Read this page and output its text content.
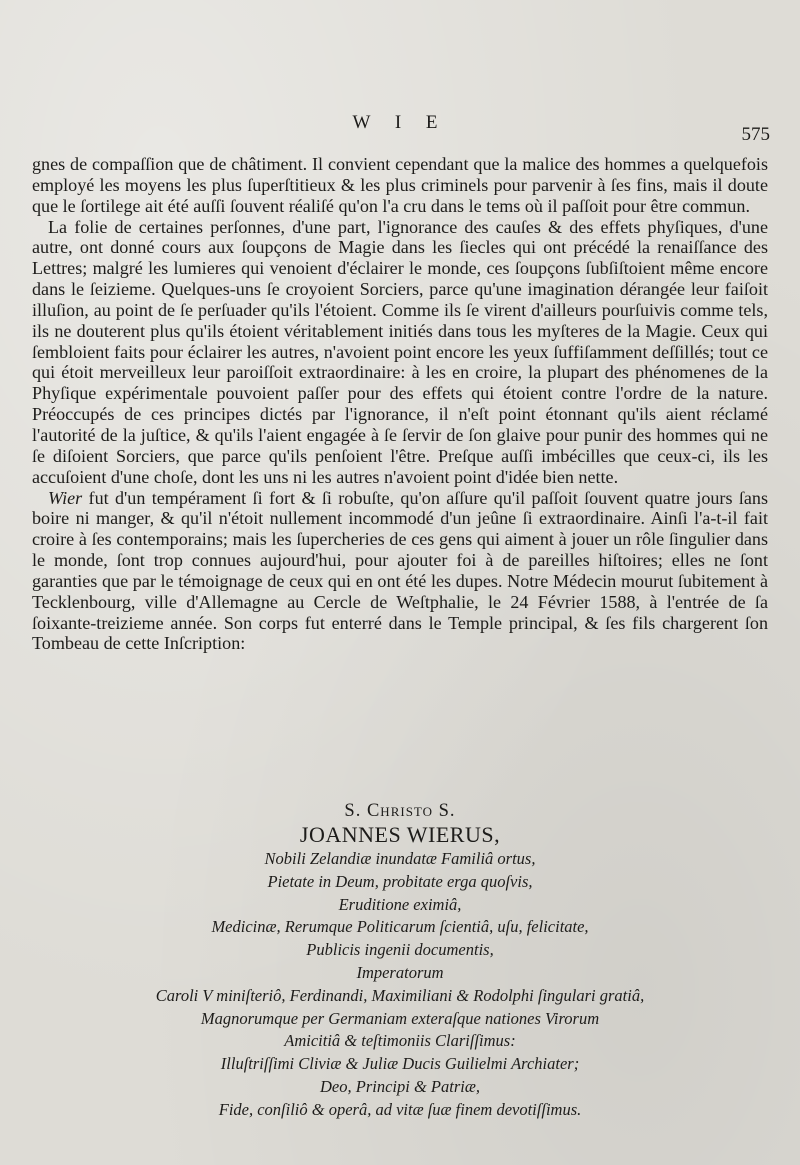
W I E
575

gnes de compaſſion que de châtiment. Il convient cependant que la malice des hommes a quelquefois employé les moyens les plus ſuperſtitieux & les plus criminels pour parvenir à ſes fins, mais il doute que le ſortilege ait été auſſi ſouvent réaliſé qu'on l'a cru dans le tems où il paſſoit pour être commun.

La folie de certaines perſonnes, d'une part, l'ignorance des cauſes & des effets phyſiques, d'une autre, ont donné cours aux ſoupçons de Magie dans les ſiecles qui ont précédé la renaiſſance des Lettres; malgré les lumieres qui venoient d'éclairer le monde, ces ſoupçons ſubſiſtoient même encore dans le ſeizieme. Quelques-uns ſe croyoient Sorciers, parce qu'une imagination dérangée leur faiſoit illuſion, au point de ſe perſuader qu'ils l'étoient. Comme ils ſe virent d'ailleurs pourſuivis comme tels, ils ne douterent plus qu'ils étoient véritablement initiés dans tous les myſteres de la Magie. Ceux qui ſembloient faits pour éclairer les autres, n'avoient point encore les yeux ſuffiſamment deſſillés; tout ce qui étoit merveilleux leur paroiſſoit extraordinaire: à les en croire, la plupart des phénomenes de la Phyſique expérimentale pouvoient paſſer pour des effets qui étoient contre l'ordre de la nature. Préoccupés de ces principes dictés par l'ignorance, il n'eſt point étonnant qu'ils aient réclamé l'autorité de la juſtice, & qu'ils l'aient engagée à ſe ſervir de ſon glaive pour punir des hommes qui ne ſe diſoient Sorciers, que parce qu'ils penſoient l'être. Preſque auſſi imbécilles que ceux-ci, ils les accuſoient d'une choſe, dont les uns ni les autres n'avoient point d'idée bien nette.

Wier fut d'un tempérament ſi fort & ſi robuſte, qu'on aſſure qu'il paſſoit ſouvent quatre jours ſans boire ni manger, & qu'il n'étoit nullement incommodé d'un jeûne ſi extraordinaire. Ainſi l'a-t-il fait croire à ſes contemporains; mais les ſupercheries de ces gens qui aiment à jouer un rôle ſingulier dans le monde, ſont trop connues aujourd'hui, pour ajouter foi à de pareilles hiſtoires; elles ne ſont garanties que par le témoignage de ceux qui en ont été les dupes. Notre Médecin mourut ſubitement à Tecklenbourg, ville d'Allemagne au Cercle de Weſtphalie, le 24 Février 1588, à l'entrée de ſa ſoixante-treizieme année. Son corps fut enterré dans le Temple principal, & ſes fils chargerent ſon Tombeau de cette Inſcription:

S. Christo S.
JOANNES WIERUS,
Nobili Zelandiæ inundatæ Familiâ ortus,
Pietate in Deum, probitate erga quoſvis,
Eruditione eximiâ,
Medicinæ, Rerumque Politicarum ſcientiâ, uſu, felicitate,
Publicis ingenii documentis,
Imperatorum
Caroli V miniſteriô, Ferdinandi, Maximiliani & Rodolphi ſingulari gratiâ,
Magnorumque per Germaniam exteraſque nationes Virorum
Amicitiâ & teſtimoniis Clariſſimus:
Illuſtriſſimi Cliviæ & Juliæ Ducis Guilielmi Archiater;
Deo, Principi & Patriæ,
Fide, conſiliô & operâ, ad vitæ ſuæ finem devotiſſimus.
